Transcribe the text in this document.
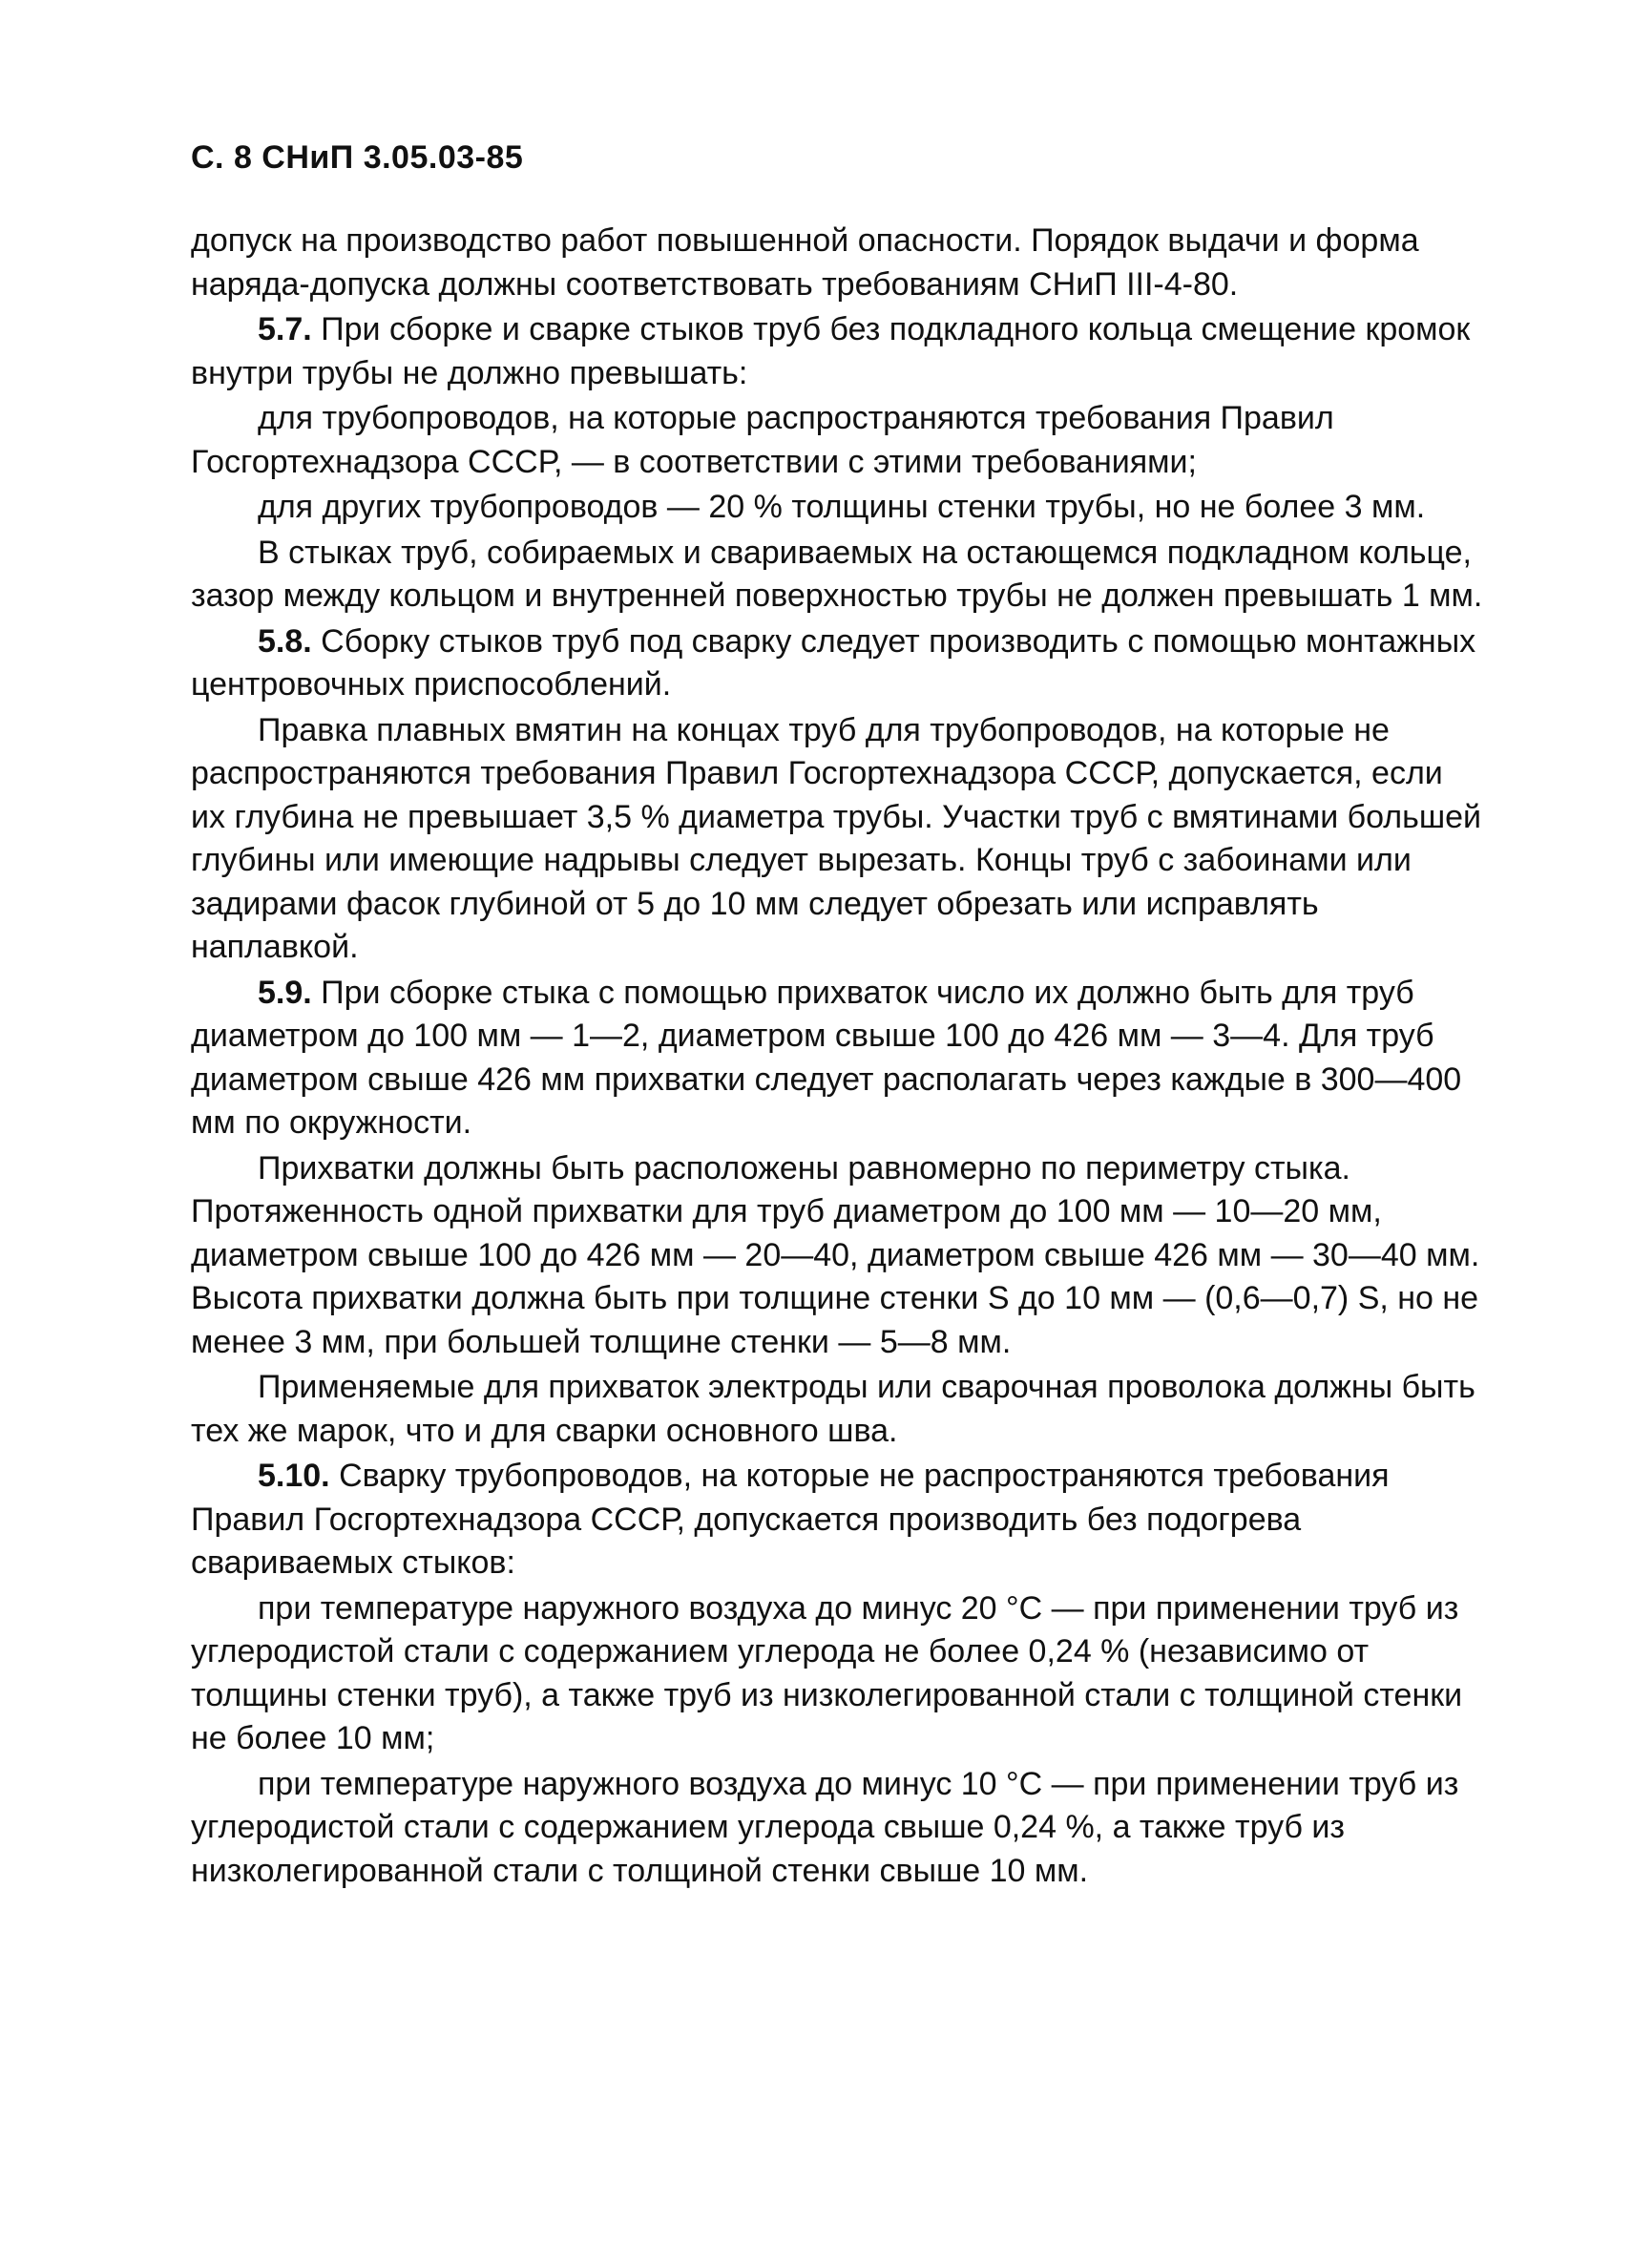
С. 8 СНиП 3.05.03-85

допуск на производство работ повышенной опасности. Порядок выдачи и форма наряда-допуска должны соответствовать требованиям СНиП III-4-80.

5.7. При сборке и сварке стыков труб без подкладного кольца смещение кромок внутри трубы не должно превышать:

для трубопроводов, на которые распространяются требования Правил Госгортехнадзора СССР, — в соответствии с этими требованиями;

для других трубопроводов — 20 % толщины стенки трубы, но не более 3 мм.

В стыках труб, собираемых и свариваемых на остающемся подкладном кольце, зазор между кольцом и внутренней поверхностью трубы не должен превышать 1 мм.

5.8. Сборку стыков труб под сварку следует производить с помощью монтажных центровочных приспособлений.

Правка плавных вмятин на концах труб для трубопроводов, на которые не распространяются требования Правил Госгортехнадзора СССР, допускается, если их глубина не превышает 3,5 % диаметра трубы. Участки труб с вмятинами большей глубины или имеющие надрывы следует вырезать. Концы труб с забоинами или задирами фасок глубиной от 5 до 10 мм следует обрезать или исправлять наплавкой.

5.9. При сборке стыка с помощью прихваток число их должно быть для труб диаметром до 100 мм — 1—2, диаметром свыше 100 до 426 мм — 3—4. Для труб диаметром свыше 426 мм прихватки следует располагать через каждые в 300—400 мм по окружности.

Прихватки должны быть расположены равномерно по периметру стыка. Протяженность одной прихватки для труб диаметром до 100 мм — 10—20 мм, диаметром свыше 100 до 426 мм — 20—40, диаметром свыше 426 мм — 30—40 мм. Высота прихватки должна быть при толщине стенки S до 10 мм — (0,6—0,7) S, но не менее 3 мм, при большей толщине стенки — 5—8 мм.

Применяемые для прихваток электроды или сварочная проволока должны быть тех же марок, что и для сварки основного шва.

5.10. Сварку трубопроводов, на которые не распространяются требования Правил Госгортехнадзора СССР, допускается производить без подогрева свариваемых стыков:

при температуре наружного воздуха до минус 20 °С — при применении труб из углеродистой стали с содержанием углерода не более 0,24 % (независимо от толщины стенки труб), а также труб из низколегированной стали с толщиной стенки не более 10 мм;

при температуре наружного воздуха до минус 10 °С — при применении труб из углеродистой стали с содержанием углерода свыше 0,24 %, а также труб из низколегированной стали с толщиной стенки свыше 10 мм.
